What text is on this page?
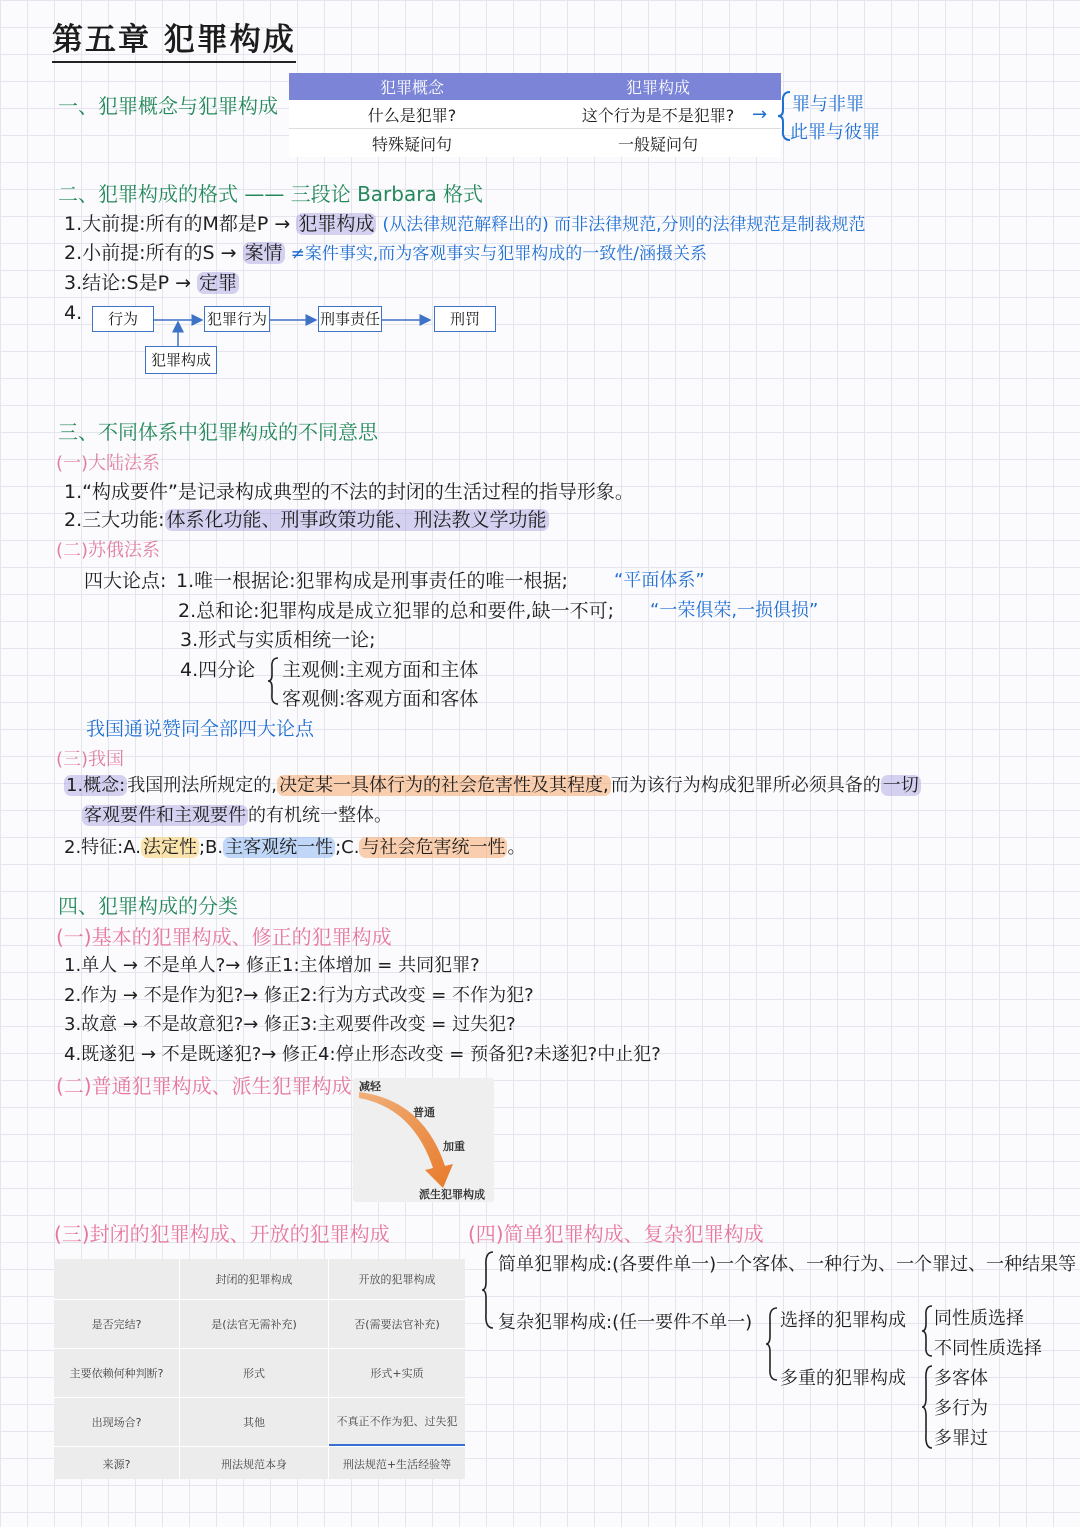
第五章 犯罪构成
一、犯罪概念与犯罪构成
犯罪概念	犯罪构成
什么是犯罪?	这个行为是不是犯罪?
特殊疑问句	一般疑问句
→ 罪与非罪
此罪与彼罪
二、犯罪构成的格式 —— 三段论 Barbara 格式
1.大前提:所有的M都是P → 犯罪构成 (从法律规范解释出的) 而非法律规范,分则的法律规范是制裁规范
2.小前提:所有的S → 案情 ≠案件事实,而为客观事实与犯罪构成的一致性/涵摄关系
3.结论:S是P → 定罪
4.	行为	犯罪行为	刑事责任	刑罚
犯罪构成
三、不同体系中犯罪构成的不同意思
(一)大陆法系
1.“构成要件”是记录构成典型的不法的封闭的生活过程的指导形象。
2.三大功能: 体系化功能、刑事政策功能、刑法教义学功能
(二)苏俄法系
四大论点: 1.唯一根据论:犯罪构成是刑事责任的唯一根据;	“平面体系”
2.总和论:犯罪构成是成立犯罪的总和要件,缺一不可; “一荣俱荣,一损俱损”
3.形式与实质相统一论;
4.四分论 主观侧:主观方面和主体
客观侧:客观方面和客体
我国通说赞同全部四大论点
(三)我国
1.概念: 我国刑法所规定的, 决定某一具体行为的社会危害性及其程度, 而为该行为构成犯罪所必须具备的 一切
客观要件和主观要件 的有机统一整体。
2.特征:A. 法定性 ;B. 主客观统一性 ;C. 与社会危害统一性 。
四、犯罪构成的分类
(一)基本的犯罪构成、修正的犯罪构成
1.单人 → 不是单人?→ 修正1:主体增加 = 共同犯罪?
2.作为 → 不是作为犯?→ 修正2:行为方式改变 = 不作为犯?
3.故意 → 不是故意犯?→ 修正3:主观要件改变 = 过失犯?
4.既遂犯 → 不是既遂犯?→ 修正4:停止形态改变 = 预备犯?未遂犯?中止犯?
(二)普通犯罪构成、派生犯罪构成 减轻
普通
加重
派生犯罪构成
(三)封闭的犯罪构成、开放的犯罪构成
封闭的犯罪构成	开放的犯罪构成
是否完结?	是(法官无需补充)	否(需要法官补充)
主要依赖何种判断?	形式	形式+实质
出现场合?	其他	不真正不作为犯、过失犯
来源?	刑法规范本身	刑法规范+生活经验等
(四)简单犯罪构成、复杂犯罪构成
简单犯罪构成:(各要件单一)一个客体、一种行为、一个罪过、一种结果等
复杂犯罪构成:(任一要件不单一) 选择的犯罪构成 同性质选择
不同性质选择
多重的犯罪构成 多客体
多行为
多罪过
